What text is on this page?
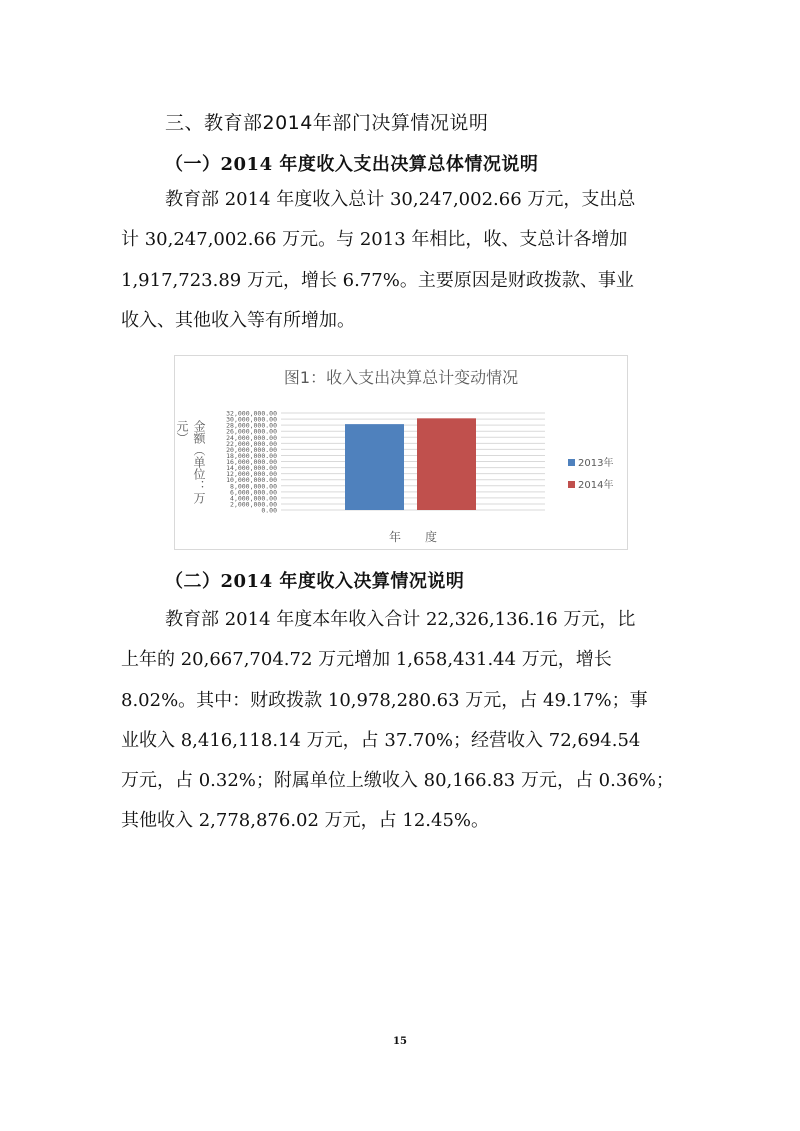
三、教育部2014年部门决算情况说明
（一）2014 年度收入支出决算总体情况说明
教育部 2014 年度收入总计 30,247,002.66 万元，支出总
计 30,247,002.66 万元。与 2013 年相比，收、支总计各增加
1,917,723.89 万元，增长 6.77%。主要原因是财政拨款、事业
收入、其他收入等有所增加。
图1：收入支出决算总计变动情况
32,000,000.00
30,000,000.00
28,000,000.00
26,000,000.00
24,000,000.00
22,000,000.00
20,000,000.00
18,000,000.00
16,000,000.00
14,000,000.00
12,000,000.00
10,000,000.00
8,000,000.00
6,000,000.00
4,000,000.00
2,000,000.00
0.00
年　　度
2013年
2014年
金额（单位：万元）
（二）2014 年度收入决算情况说明
教育部 2014 年度本年收入合计 22,326,136.16 万元，比
上年的 20,667,704.72 万元增加 1,658,431.44 万元，增长
8.02%。其中：财政拨款 10,978,280.63 万元，占 49.17%；事
业收入 8,416,118.14 万元，占 37.70%；经营收入 72,694.54
万元，占 0.32%；附属单位上缴收入 80,166.83 万元，占 0.36%；
其他收入 2,778,876.02 万元，占 12.45%。
15
